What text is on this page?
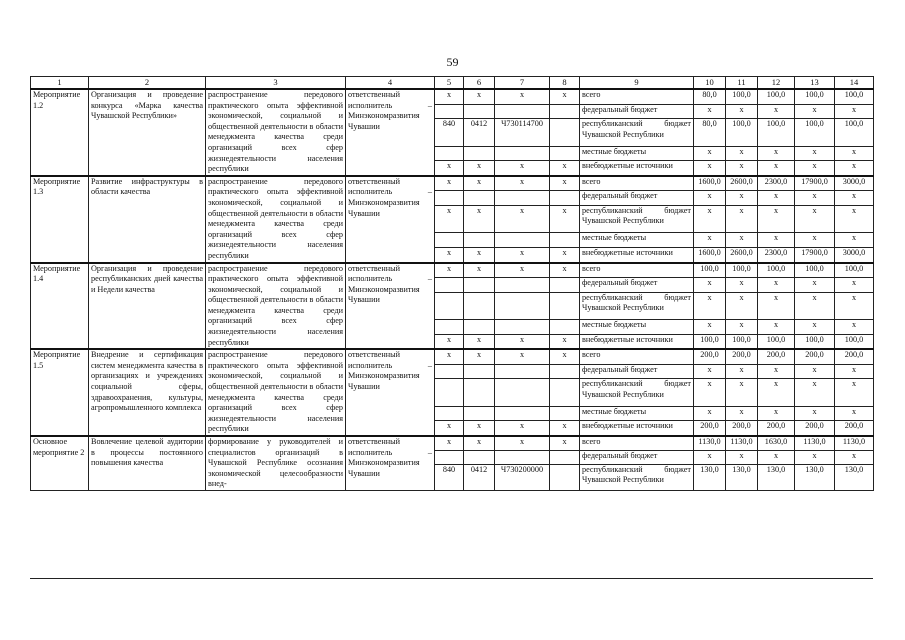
59
1	2	3	4	5	6	7	8	9	10	11	12	13	14
Мероприятие 1.2	Организация и проведение конкурса «Марка качества Чувашской Республики»	распространение передового практического опыта эффективной экономической, социальной и общественной деятельности в области менеджмента качества среди организаций всех сфер жизнедеятельности населения республики	ответственный исполнитель – Минэкономразвития Чувашии	х	х	х	х	всего	80,0	100,0	100,0	100,0	100,0
								федеральный бюджет	х	х	х	х	х
				840	0412	Ч730114700		республиканский бюджет Чувашской Республики	80,0	100,0	100,0	100,0	100,0
								местные бюджеты	х	х	х	х	х
				х	х	х	х	внебюджетные источники	х	х	х	х	х
Мероприятие 1.3	Развитие инфраструктуры в области качества	распространение передового практического опыта эффективной экономической, социальной и общественной деятельности в области менеджмента качества среди организаций всех сфер жизнедеятельности населения республики	ответственный исполнитель – Минэкономразвития Чувашии	х	х	х	х	всего	1600,0	2600,0	2300,0	17900,0	3000,0
								федеральный бюджет	х	х	х	х	х
				х	х	х	х	республиканский бюджет Чувашской Республики	х	х	х	х	х
								местные бюджеты	х	х	х	х	х
				х	х	х	х	внебюджетные источники	1600,0	2600,0	2300,0	17900,0	3000,0
Мероприятие 1.4	Организация и проведение республиканских дней качества и Недели качества	распространение передового практического опыта эффективной экономической, социальной и общественной деятельности в области менеджмента качества среди организаций всех сфер жизнедеятельности населения республики	ответственный исполнитель – Минэкономразвития Чувашии	х	х	х	х	всего	100,0	100,0	100,0	100,0	100,0
								федеральный бюджет	х	х	х	х	х
								республиканский бюджет Чувашской Республики	х	х	х	х	х
								местные бюджеты	х	х	х	х	х
				х	х	х	х	внебюджетные источники	100,0	100,0	100,0	100,0	100,0
Мероприятие 1.5	Внедрение и сертификация систем менеджмента качества в организациях и учреждениях социальной сферы, здравоохранения, культуры, агропромышленного комплекса	распространение передового практического опыта эффективной экономической, социальной и общественной деятельности в области менеджмента качества среди организаций всех сфер жизнедеятельности населения республики	ответственный исполнитель – Минэкономразвития Чувашии	х	х	х	х	всего	200,0	200,0	200,0	200,0	200,0
								федеральный бюджет	х	х	х	х	х
								республиканский бюджет Чувашской Республики	х	х	х	х	х
								местные бюджеты	х	х	х	х	х
				х	х	х	х	внебюджетные источники	200,0	200,0	200,0	200,0	200,0
Основное мероприятие 2	Вовлечение целевой аудитории в процессы постоянного повышения качества	формирование у руководителей и специалистов организаций в Чувашской Республике осознания экономической целесообразности внед-	ответственный исполнитель – Минэкономразвития Чувашии	х	х	х	х	всего	1130,0	1130,0	1630,0	1130,0	1130,0
								федеральный бюджет	х	х	х	х	х
				840	0412	Ч730200000		республиканский бюджет Чувашской Республики	130,0	130,0	130,0	130,0	130,0
